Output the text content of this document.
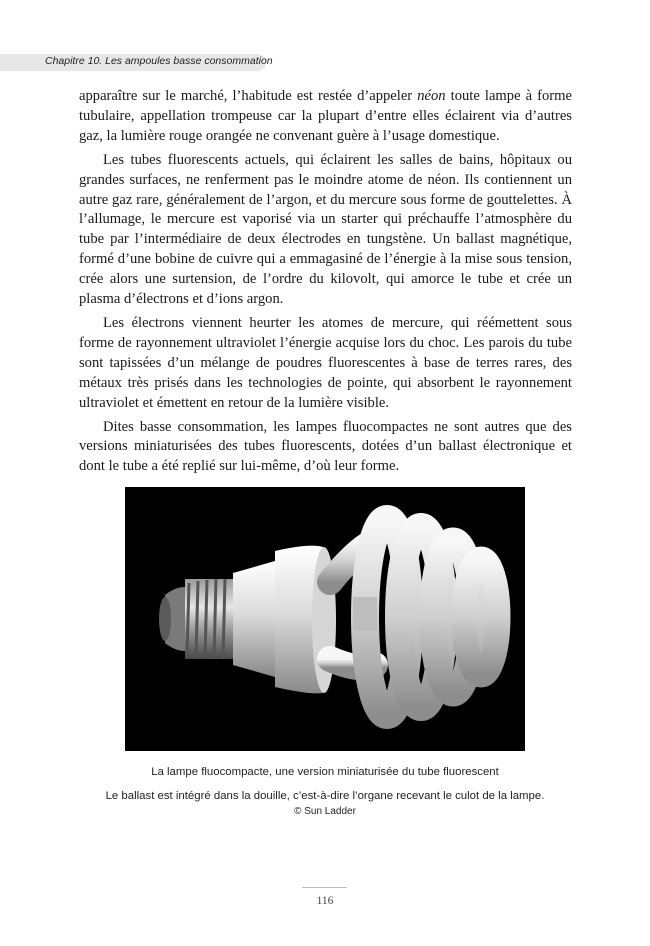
Chapitre 10. Les ampoules basse consommation

apparaître sur le marché, l’habitude est restée d’appeler néon toute lampe à forme tubulaire, appellation trompeuse car la plupart d’entre elles éclairent via d’autres gaz, la lumière rouge orangée ne convenant guère à l’usage domestique.

Les tubes fluorescents actuels, qui éclairent les salles de bains, hôpitaux ou grandes surfaces, ne renferment pas le moindre atome de néon. Ils contiennent un autre gaz rare, généralement de l’argon, et du mercure sous forme de gouttelettes. À l’allumage, le mercure est vaporisé via un starter qui préchauffe l’atmosphère du tube par l’intermédiaire de deux électrodes en tungstène. Un ballast magnétique, formé d’une bobine de cuivre qui a emmagasiné de l’énergie à la mise sous tension, crée alors une surtension, de l’ordre du kilovolt, qui amorce le tube et crée un plasma d’électrons et d’ions argon.

Les électrons viennent heurter les atomes de mercure, qui réémettent sous forme de rayonnement ultraviolet l’énergie acquise lors du choc. Les parois du tube sont tapissées d’un mélange de poudres fluorescentes à base de terres rares, des métaux très prisés dans les technologies de pointe, qui absorbent le rayonnement ultraviolet et émettent en retour de la lumière visible.

Dites basse consommation, les lampes fluocompactes ne sont autres que des versions miniaturisées des tubes fluorescents, dotées d’un ballast électronique et dont le tube a été replié sur lui-même, d’où leur forme.

La lampe fluocompacte, une version miniaturisée du tube fluorescent
Le ballast est intégré dans la douille, c’est-à-dire l’organe recevant le culot de la lampe.
© Sun Ladder
116
